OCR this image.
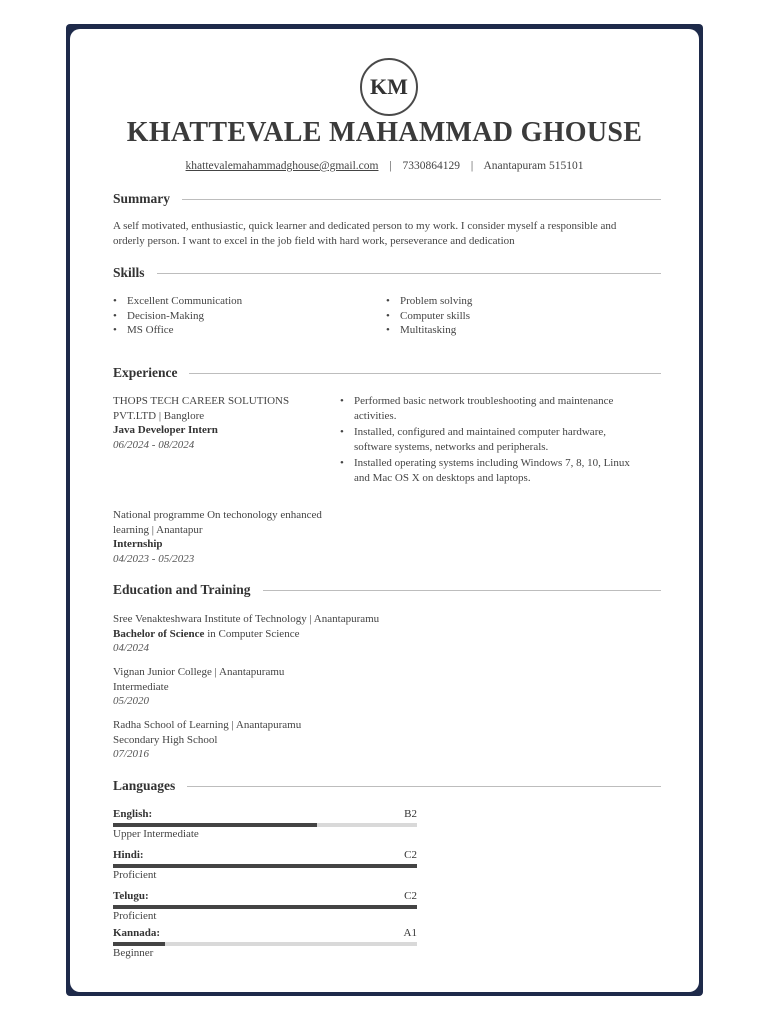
KM
KHATTEVALE MAHAMMAD GHOUSE
khattevalemahammadghouse@gmail.com | 7330864129 | Anantapuram 515101
Summary
A self motivated, enthusiastic, quick learner and dedicated person to my work. I consider myself a responsible and
orderly person. I want to excel in the job field with hard work, perseverance and dedication
Skills
• Excellent Communication
• Decision-Making
• MS Office
• Problem solving
• Computer skills
• Multitasking
Experience
THOPS TECH CAREER SOLUTIONS
PVT.LTD | Banglore
Java Developer Intern
06/2024 - 08/2024
• Performed basic network troubleshooting and maintenance
activities.
• Installed, configured and maintained computer hardware,
software systems, networks and peripherals.
• Installed operating systems including Windows 7, 8, 10, Linux
and Mac OS X on desktops and laptops.
National programme On techonology enhanced
learning | Anantapur
Internship
04/2023 - 05/2023
Education and Training
Sree Venakteshwara Institute of Technology | Anantapuramu
Bachelor of Science in Computer Science
04/2024
Vignan Junior College | Anantapuramu
Intermediate
05/2020
Radha School of Learning | Anantapuramu
Secondary High School
07/2016
Languages
English:	B2
Upper Intermediate
Hindi:	C2
Proficient
Telugu:	C2
Proficient
Kannada:	A1
Beginner
